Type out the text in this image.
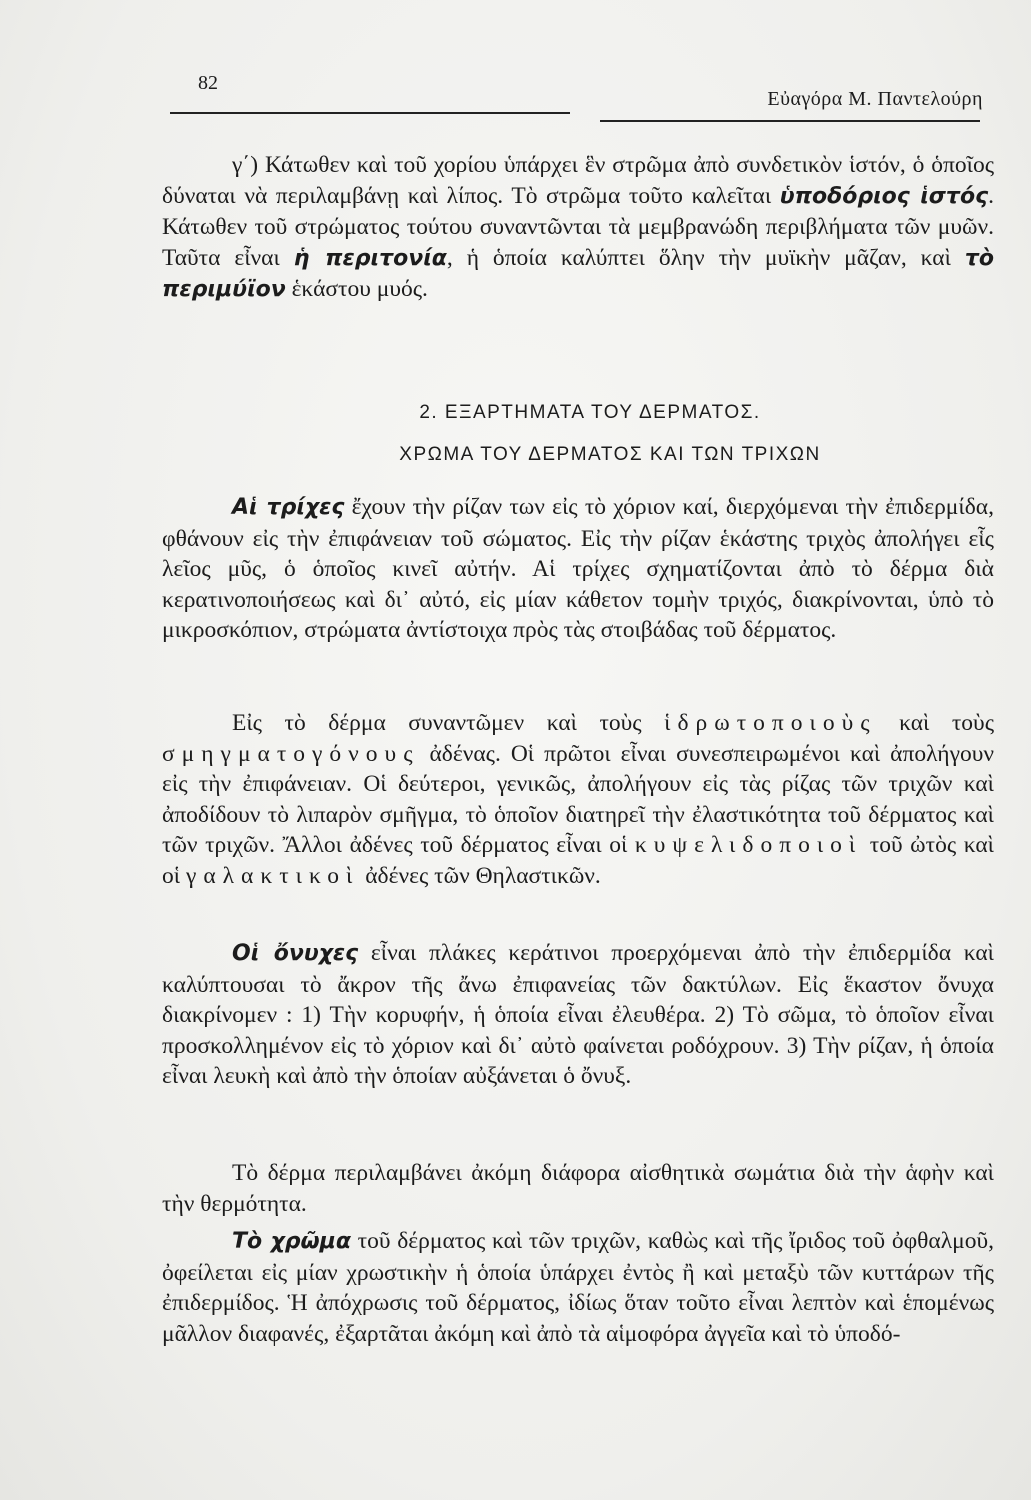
82
Εὐαγόρα Μ. Παντελούρη
γ΄) Κάτωθεν καὶ τοῦ χορίου ὑπάρχει ἓν στρῶμα ἀπὸ συνδετικὸν ἱστόν, ὁ ὁποῖος δύναται νὰ περιλαμβάνῃ καὶ λίπος. Τὸ στρῶμα τοῦτο καλεῖται ὑποδόριος ἱστός. Κάτωθεν τοῦ στρώματος τούτου συναντῶνται τὰ μεμβρανώδη περιβλήματα τῶν μυῶν. Ταῦτα εἶναι ἡ περιτονία, ἡ ὁποία καλύπτει ὅλην τὴν μυϊκὴν μᾶζαν, καὶ τὸ περιμύϊον ἑκάστου μυός.
2. ΕΞΑΡΤΗΜΑΤΑ ΤΟΥ ΔΕΡΜΑΤΟΣ.
ΧΡΩΜΑ ΤΟΥ ΔΕΡΜΑΤΟΣ ΚΑΙ ΤΩΝ ΤΡΙΧΩΝ
Αἱ τρίχες ἔχουν τὴν ρίζαν των εἰς τὸ χόριον καί, διερχόμεναι τὴν ἐπιδερμίδα, φθάνουν εἰς τὴν ἐπιφάνειαν τοῦ σώματος. Εἰς τὴν ρίζαν ἑκάστης τριχὸς ἀπολήγει εἷς λεῖος μῦς, ὁ ὁποῖος κινεῖ αὐτήν. Αἱ τρίχες σχηματίζονται ἀπὸ τὸ δέρμα διὰ κερατινοποιήσεως καὶ δι᾽ αὐτό, εἰς μίαν κάθετον τομὴν τριχός, διακρίνονται, ὑπὸ τὸ μικροσκόπιον, στρώματα ἀντίστοιχα πρὸς τὰς στοιβάδας τοῦ δέρματος.
Εἰς τὸ δέρμα συναντῶμεν καὶ τοὺς ἱδρωτοποιοὺς καὶ τοὺς σμηγματογόνους ἀδένας. Οἱ πρῶτοι εἶναι συνεσπειρωμένοι καὶ ἀπολήγουν εἰς τὴν ἐπιφάνειαν. Οἱ δεύτεροι, γενικῶς, ἀπολήγουν εἰς τὰς ρίζας τῶν τριχῶν καὶ ἀποδίδουν τὸ λιπαρὸν σμῆγμα, τὸ ὁποῖον διατηρεῖ τὴν ἐλαστικότητα τοῦ δέρματος καὶ τῶν τριχῶν. Ἄλλοι ἀδένες τοῦ δέρματος εἶναι οἱ κυψελιδοποιοὶ τοῦ ὠτὸς καὶ οἱ γαλακτικοὶ ἀδένες τῶν Θηλαστικῶν.
Οἱ ὄνυχες εἶναι πλάκες κεράτινοι προερχόμεναι ἀπὸ τὴν ἐπιδερμίδα καὶ καλύπτουσαι τὸ ἄκρον τῆς ἄνω ἐπιφανείας τῶν δακτύλων. Εἰς ἕκαστον ὄνυχα διακρίνομεν : 1) Τὴν κορυφήν, ἡ ὁποία εἶναι ἐλευθέρα. 2) Τὸ σῶμα, τὸ ὁποῖον εἶναι προσκολλημένον εἰς τὸ χόριον καὶ δι᾽ αὐτὸ φαίνεται ροδόχρουν. 3) Τὴν ρίζαν, ἡ ὁποία εἶναι λευκὴ καὶ ἀπὸ τὴν ὁποίαν αὐξάνεται ὁ ὄνυξ.
Τὸ δέρμα περιλαμβάνει ἀκόμη διάφορα αἰσθητικὰ σωμάτια διὰ τὴν ἁφὴν καὶ τὴν θερμότητα.
Τὸ χρῶμα τοῦ δέρματος καὶ τῶν τριχῶν, καθὼς καὶ τῆς ἴριδος τοῦ ὀφθαλμοῦ, ὀφείλεται εἰς μίαν χρωστικὴν ἡ ὁποία ὑπάρχει ἐντὸς ἢ καὶ μεταξὺ τῶν κυττάρων τῆς ἐπιδερμίδος. Ἡ ἀπόχρωσις τοῦ δέρματος, ἰδίως ὅταν τοῦτο εἶναι λεπτὸν καὶ ἑπομένως μᾶλλον διαφανές, ἐξαρτᾶται ἀκόμη καὶ ἀπὸ τὰ αἱμοφόρα ἀγγεῖα καὶ τὸ ὑποδό-
